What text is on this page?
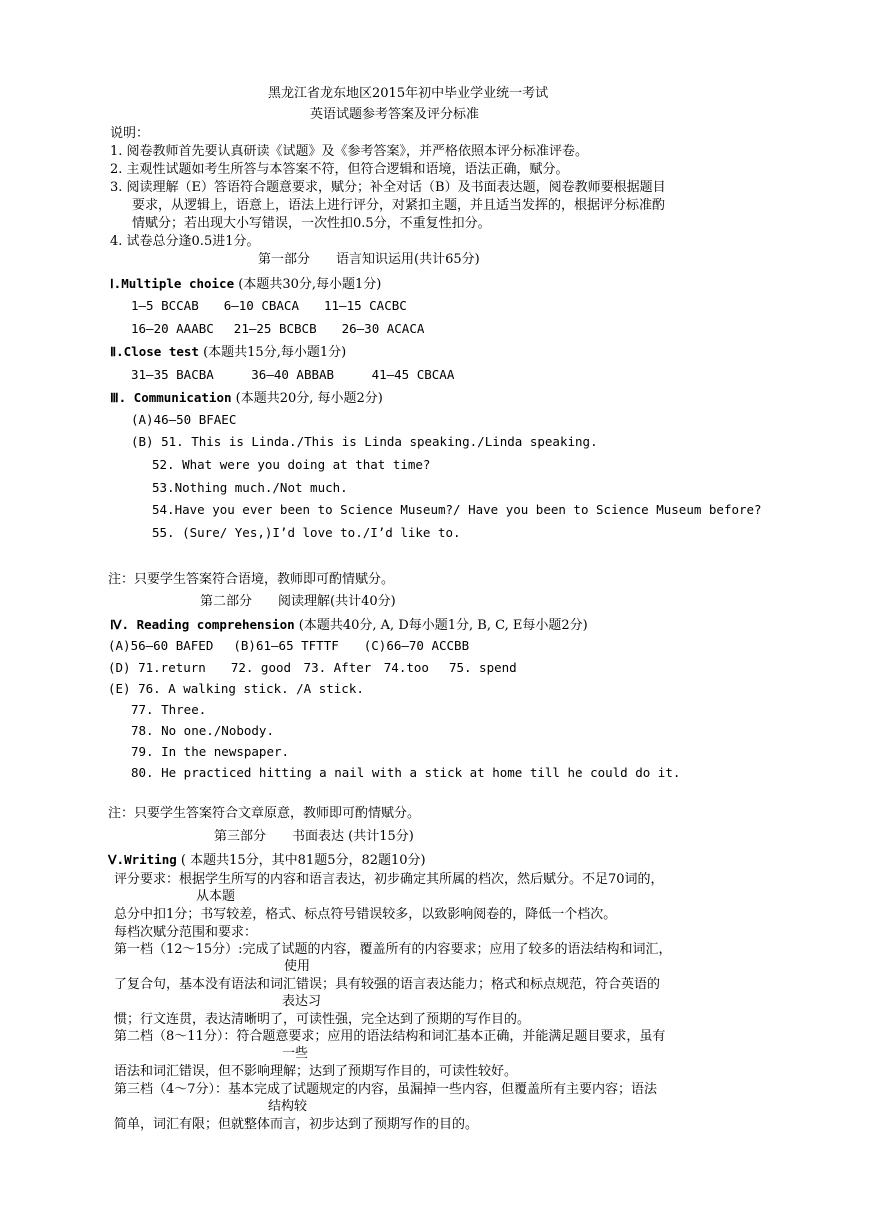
黑龙江省龙东地区2015年初中毕业学业统一考试
英语试题参考答案及评分标准
说明：
1. 阅卷教师首先要认真研读《试题》及《参考答案》，并严格依照本评分标准评卷。
2. 主观性试题如考生所答与本答案不符，但符合逻辑和语境，语法正确，赋分。
3. 阅读理解（E）答语符合题意要求，赋分；补全对话（B）及书面表达题，阅卷教师要根据题目
要求，从逻辑上，语意上，语法上进行评分，对紧扣主题，并且适当发挥的，根据评分标准酌
情赋分；若出现大小写错误，一次性扣0.5分，不重复性扣分。
4. 试卷总分逢0.5进1分。
第一部分　　语言知识运用(共计65分)
Ⅰ.Multiple choice (本题共30分,每小题1分)
1—5 BCCAB　　6—10 CBACA　　11—15 CACBC
16—20 AAABC　 21—25 BCBCB　　26—30 ACACA
Ⅱ.Close test (本题共15分,每小题1分)
31—35 BACBA　　　36—40 ABBAB　　　41—45 CBCAA
Ⅲ. Communication (本题共20分, 每小题2分)
(A)46—50 BFAEC
(B) 51. This is Linda./This is Linda speaking./Linda speaking.
52. What were you doing at that time?
53.Nothing much./Not much.
54.Have you ever been to Science Museum?/ Have you been to Science Museum before?
55. (Sure/ Yes,)I’d love to./I’d like to.
注：只要学生答案符合语境，教师即可酌情赋分。
第二部分　　阅读理解(共计40分)
Ⅳ. Reading comprehension (本题共40分, A, D每小题1分, B, C, E每小题2分)
(A)56—60 BAFED　 (B)61—65 TFTTF　　(C)66—70 ACCBB
(D) 71.return　　72. good　73. After　74.too　 75. spend
(E) 76. A walking stick. /A stick.
77. Three.
78. No one./Nobody.
79. In the newspaper.
80. He practiced hitting a nail with a stick at home till he could do it.
注：只要学生答案符合文章原意，教师即可酌情赋分。
第三部分　　书面表达 (共计15分)
Ⅴ.Writing ( 本题共15分，其中81题5分，82题10分)
评分要求：根据学生所写的内容和语言表达，初步确定其所属的档次，然后赋分。不足70词的，
从本题
总分中扣1分；书写较差，格式、标点符号错误较多，以致影响阅卷的，降低一个档次。
每档次赋分范围和要求：
第一档（12～15分）:完成了试题的内容，覆盖所有的内容要求；应用了较多的语法结构和词汇，
使用
了复合句，基本没有语法和词汇错误；具有较强的语言表达能力；格式和标点规范，符合英语的
表达习
惯；行文连贯，表达清晰明了，可读性强，完全达到了预期的写作目的。
第二档（8～11分）：符合题意要求；应用的语法结构和词汇基本正确，并能满足题目要求，虽有
一些
语法和词汇错误，但不影响理解；达到了预期写作目的，可读性较好。
第三档（4～7分）：基本完成了试题规定的内容，虽漏掉一些内容，但覆盖所有主要内容；语法
结构较
简单，词汇有限；但就整体而言，初步达到了预期写作的目的。
